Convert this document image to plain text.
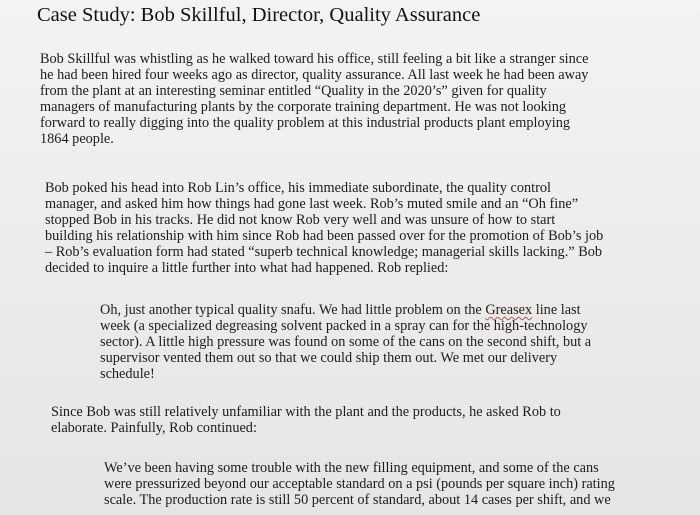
Case Study: Bob Skillful, Director, Quality Assurance
Bob Skillful was whistling as he walked toward his office, still feeling a bit like a stranger since
he had been hired four weeks ago as director, quality assurance. All last week he had been away
from the plant at an interesting seminar entitled “Quality in the 2020’s” given for quality
managers of manufacturing plants by the corporate training department. He was not looking
forward to really digging into the quality problem at this industrial products plant employing
1864 people.
Bob poked his head into Rob Lin’s office, his immediate subordinate, the quality control
manager, and asked him how things had gone last week. Rob’s muted smile and an “Oh fine”
stopped Bob in his tracks. He did not know Rob very well and was unsure of how to start
building his relationship with him since Rob had been passed over for the promotion of Bob’s job
– Rob’s evaluation form had stated “superb technical knowledge; managerial skills lacking.” Bob
decided to inquire a little further into what had happened. Rob replied:
Oh, just another typical quality snafu. We had little problem on the Greasex line last
week (a specialized degreasing solvent packed in a spray can for the high-technology
sector). A little high pressure was found on some of the cans on the second shift, but a
supervisor vented them out so that we could ship them out. We met our delivery
schedule!
Since Bob was still relatively unfamiliar with the plant and the products, he asked Rob to
elaborate. Painfully, Rob continued:
We’ve been having some trouble with the new filling equipment, and some of the cans
were pressurized beyond our acceptable standard on a psi (pounds per square inch) rating
scale. The production rate is still 50 percent of standard, about 14 cases per shift, and we
